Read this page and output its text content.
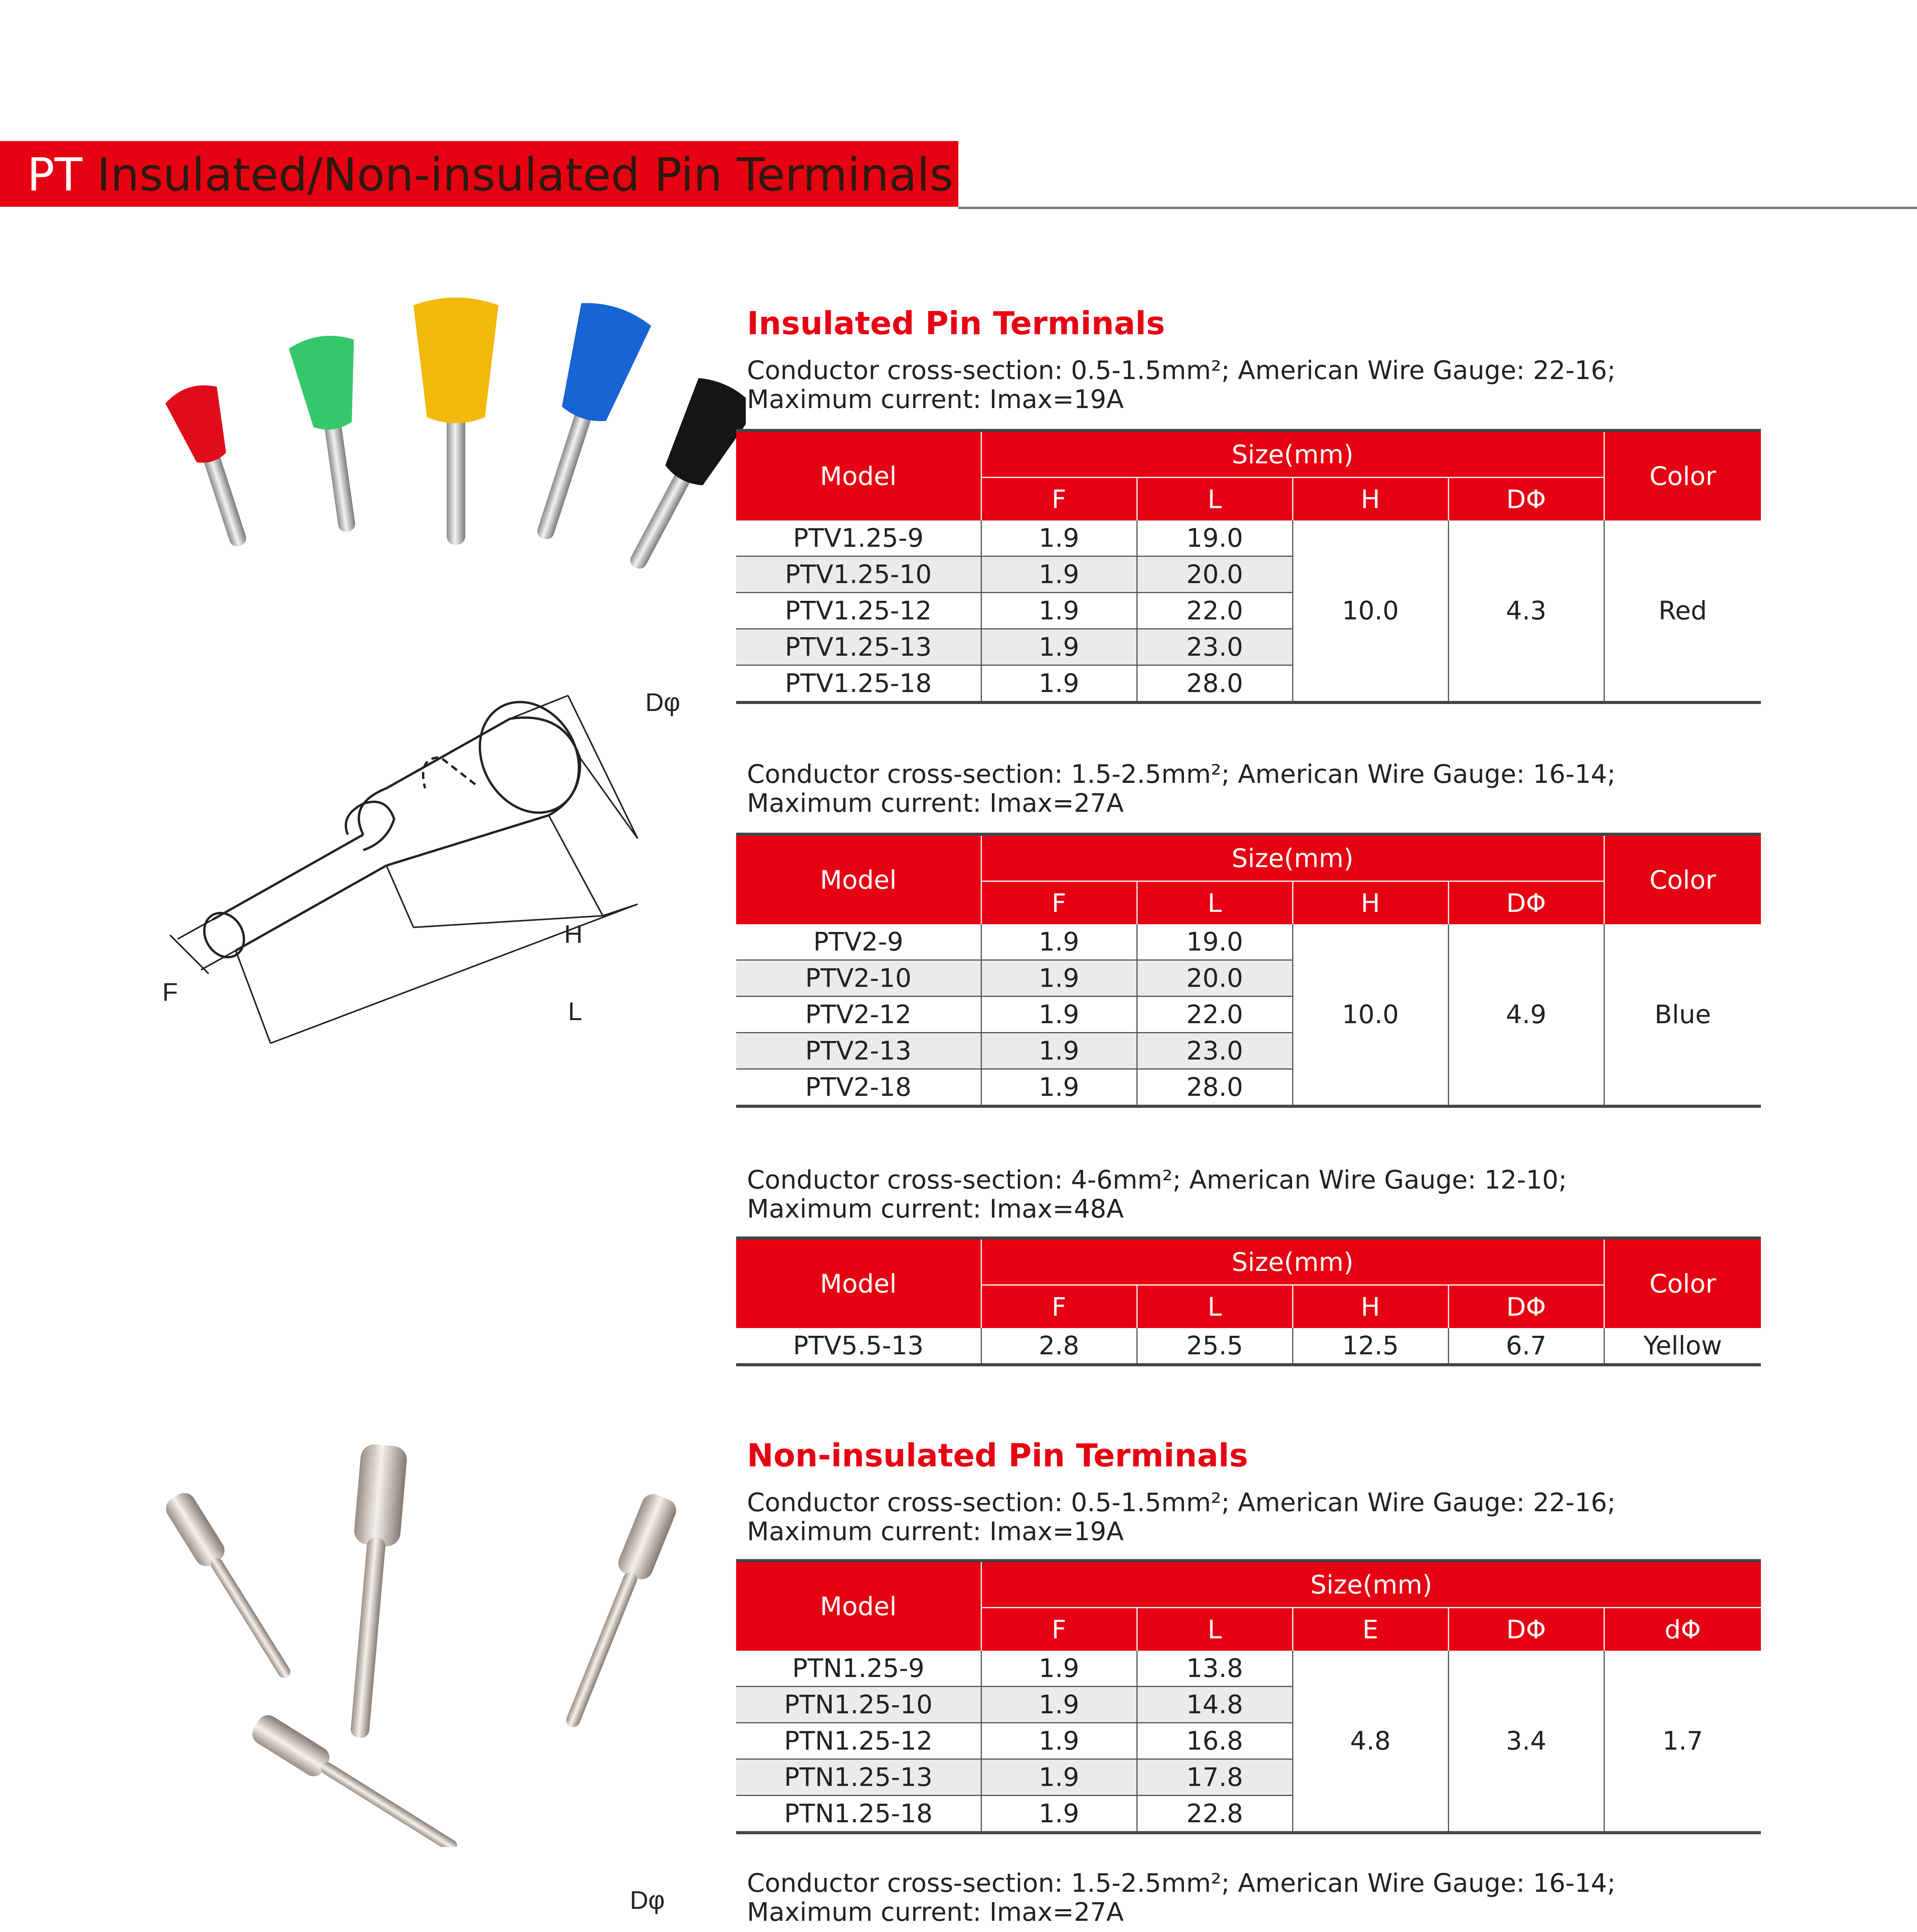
PT Insulated/Non-insulated Pin Terminals
Dφ
H
F
L
Dφ
Insulated Pin Terminals
Conductor cross-section: 0.5-1.5mm²; American Wire Gauge: 22-16;
Maximum current: Imax=19A
Model	Size(mm)				Color
	F	L	H	DΦ	
PTV1.25-9	1.9	19.0	10.0	4.3	Red
PTV1.25-10	1.9	20.0			
PTV1.25-12	1.9	22.0			
PTV1.25-13	1.9	23.0			
PTV1.25-18	1.9	28.0			
Conductor cross-section: 1.5-2.5mm²; American Wire Gauge: 16-14;
Maximum current: Imax=27A
Model	Size(mm)				Color
	F	L	H	DΦ	
PTV2-9	1.9	19.0	10.0	4.9	Blue
PTV2-10	1.9	20.0			
PTV2-12	1.9	22.0			
PTV2-13	1.9	23.0			
PTV2-18	1.9	28.0			
Conductor cross-section: 4-6mm²; American Wire Gauge: 12-10;
Maximum current: Imax=48A
Model	Size(mm)				Color
	F	L	H	DΦ	
PTV5.5-13	2.8	25.5	12.5	6.7	Yellow
Non-insulated Pin Terminals
Conductor cross-section: 0.5-1.5mm²; American Wire Gauge: 22-16;
Maximum current: Imax=19A
Model	Size(mm)				
	F	L	E	DΦ	dΦ
PTN1.25-9	1.9	13.8	4.8	3.4	1.7
PTN1.25-10	1.9	14.8			
PTN1.25-12	1.9	16.8			
PTN1.25-13	1.9	17.8			
PTN1.25-18	1.9	22.8			
Conductor cross-section: 1.5-2.5mm²; American Wire Gauge: 16-14;
Maximum current: Imax=27A
